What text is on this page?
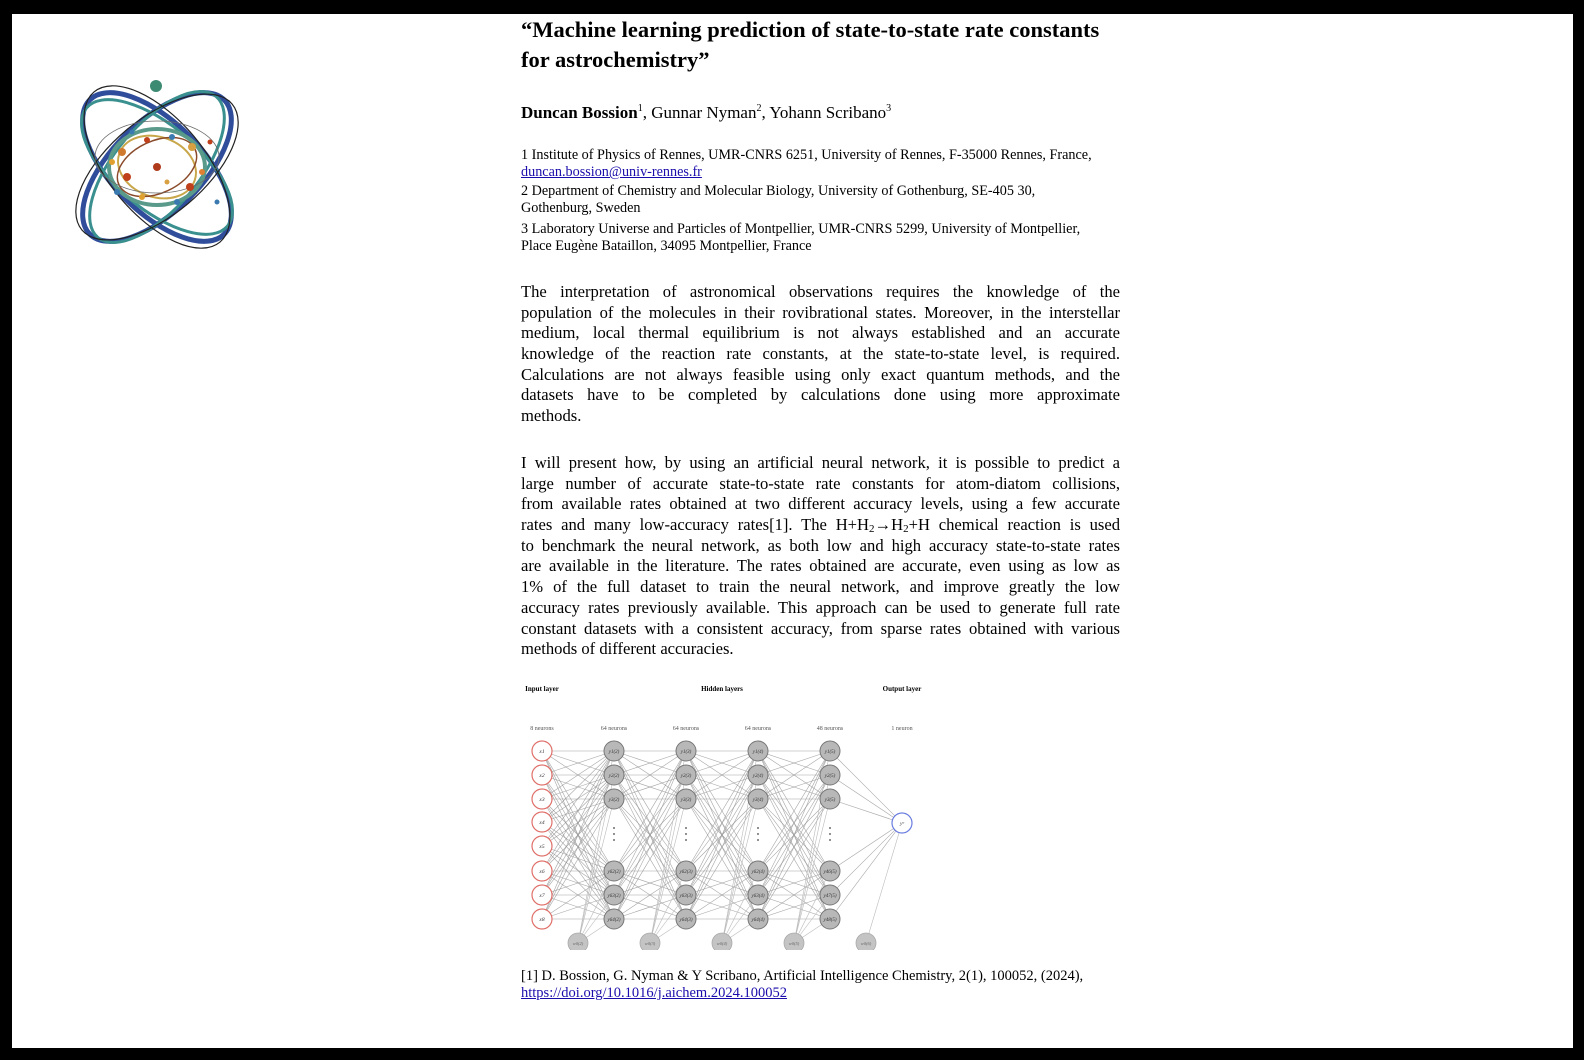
“Machine learning prediction of state-to-state rate constants
for astrochemistry”
Duncan Bossion$^1$, Gunnar Nyman$^2$, Yohann Scribano$^3$
1 Institute of Physics of Rennes, UMR-CNRS 6251, University of Rennes, F-35000 Rennes, France,
duncan.bossion@univ-rennes.fr
2 Department of Chemistry and Molecular Biology, University of Gothenburg, SE-405 30,
Gothenburg, Sweden
3 Laboratory Universe and Particles of Montpellier, UMR-CNRS 5299, University of Montpellier,
Place Eugène Bataillon, 34095 Montpellier, France
The interpretation of astronomical observations requires the knowledge of the
population of the molecules in their rovibrational states. Moreover, in the interstellar
medium, local thermal equilibrium is not always established and an accurate
knowledge of the reaction rate constants, at the state-to-state level, is required.
Calculations are not always feasible using only exact quantum methods, and the
datasets have to be completed by calculations done using more approximate
methods.
I will present how, by using an artificial neural network, it is possible to predict a
large number of accurate state-to-state rate constants for atom-diatom collisions,
from available rates obtained at two different accuracy levels, using a few accurate
rates and many low-accuracy rates[1]. The $H+H_2\to H_2+H$ chemical reaction is used
to benchmark the neural network, as both low and high accuracy state-to-state rates
are available in the literature. The rates obtained are accurate, even using as low as
1% of the full dataset to train the neural network, and improve greatly the low
accuracy rates previously available. This approach can be used to generate full rate
constant datasets with a consistent accuracy, from sparse rates obtained with various
methods of different accuracies.
x1
x2
x3
x4
x5
x6
x7
x8
y1(2)
y2(2)
y3(2)
y62(2)
y63(2)
y64(2)
y1(3)
y2(3)
y3(3)
y62(3)
y63(3)
y64(3)
y1(4)
y2(4)
y3(4)
y62(4)
y63(4)
y64(4)
y1(5)
y2(5)
y3(5)
y46(5)
y47(5)
y48(5)
yᵒ
w0(2)	w0(3)	w0(4)	w0(5)	w0(6)
Input layer	Hidden layers	Output layer
8 neurons	64 neurons	64 neurons	64 neurons	48 neurons	1 neuron
[1] D. Bossion, G. Nyman & Y Scribano, Artificial Intelligence Chemistry, 2(1), 100052, (2024),
https://doi.org/10.1016/j.aichem.2024.100052
